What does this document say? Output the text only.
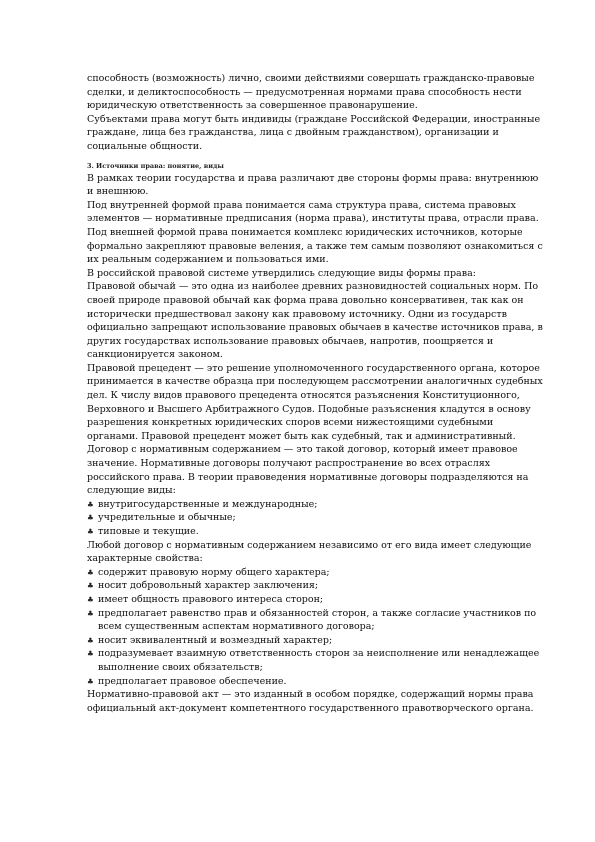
способность (возможность) лично, своими действиями совершать гражданско-правовые сделки, и деликтоспособность — предусмотренная нормами права способность нести юридическую ответственность за совершенное правонарушение.

Субъектами права могут быть индивиды (граждане Российской Федерации, иностранные граждане, лица без гражданства, лица с двойным гражданством), организации и социальные общности.

3. Источники права: понятие, виды

В рамках теории государства и права различают две стороны формы права: внутреннюю и внешнюю.

Под внутренней формой права понимается сама структура права, система правовых элементов — нормативные предписания (норма права), институты права, отрасли права.

Под внешней формой права понимается комплекс юридических источников, которые формально закрепляют правовые веления, а также тем самым позволяют ознакомиться с их реальным содержанием и пользоваться ими.

В российской правовой системе утвердились следующие виды формы права:

Правовой обычай — это одна из наиболее древних разновидностей социальных норм. По своей природе правовой обычай как форма права довольно консервативен, так как он исторически предшествовал закону как правовому источнику. Одни из государств официально запрещают использование правовых обычаев в качестве источников права, в других государствах использование правовых обычаев, напротив, поощряется и санкционируется законом.

Правовой прецедент — это решение уполномоченного государственного органа, которое принимается в качестве образца при последующем рассмотрении аналогичных судебных дел. К числу видов правового прецедента относятся разъяснения Конституционного, Верховного и Высшего Арбитражного Судов. Подобные разъяснения кладутся в основу разрешения конкретных юридических споров всеми нижестоящими судебными органами. Правовой прецедент может быть как судебный, так и административный.

Договор с нормативным содержанием — это такой договор, который имеет правовое значение. Нормативные договоры получают распространение во всех отраслях российского права. В теории правоведения нормативные договоры подразделяются на следующие виды:

♣ внутригосударственные и международные;
♣ учредительные и обычные;
♣ типовые и текущие.

Любой договор с нормативным содержанием независимо от его вида имеет следующие характерные свойства:

♣ содержит правовую норму общего характера;
♣ носит добровольный характер заключения;
♣ имеет общность правового интереса сторон;
♣ предполагает равенство прав и обязанностей сторон, а также согласие участников по всем существенным аспектам нормативного договора;
♣ носит эквивалентный и возмездный характер;
♣ подразумевает взаимную ответственность сторон за неисполнение или ненадлежащее выполнение своих обязательств;
♣ предполагает правовое обеспечение.

Нормативно-правовой акт — это изданный в особом порядке, содержащий нормы права официальный акт-документ компетентного государственного правотворческого органа.
